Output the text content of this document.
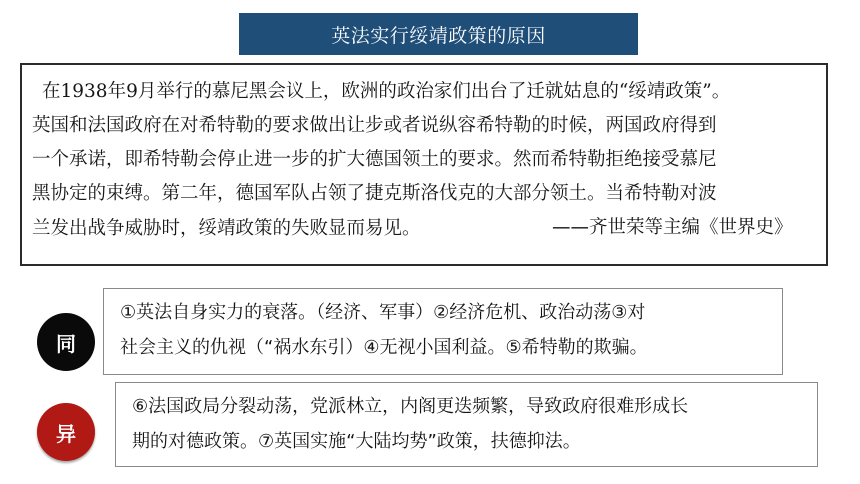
英法实行绥靖政策的原因
在1938年9月举行的慕尼黑会议上，欧洲的政治家们出台了迁就姑息的“绥靖政策”。
英国和法国政府在对希特勒的要求做出让步或者说纵容希特勒的时候，两国政府得到
一个承诺，即希特勒会停止进一步的扩大德国领土的要求。然而希特勒拒绝接受慕尼
黑协定的束缚。第二年，德国军队占领了捷克斯洛伐克的大部分领土。当希特勒对波
兰发出战争威胁时，绥靖政策的失败显而易见。	——齐世荣等主编《世界史》
同
①英法自身实力的衰落。（经济、军事）②经济危机、政治动荡③对
社会主义的仇视（“祸水东引）④无视小国利益。⑤希特勒的欺骗。
异
⑥法国政局分裂动荡，党派林立，内阁更迭频繁，导致政府很难形成长
期的对德政策。⑦英国实施“大陆均势”政策，扶德抑法。
